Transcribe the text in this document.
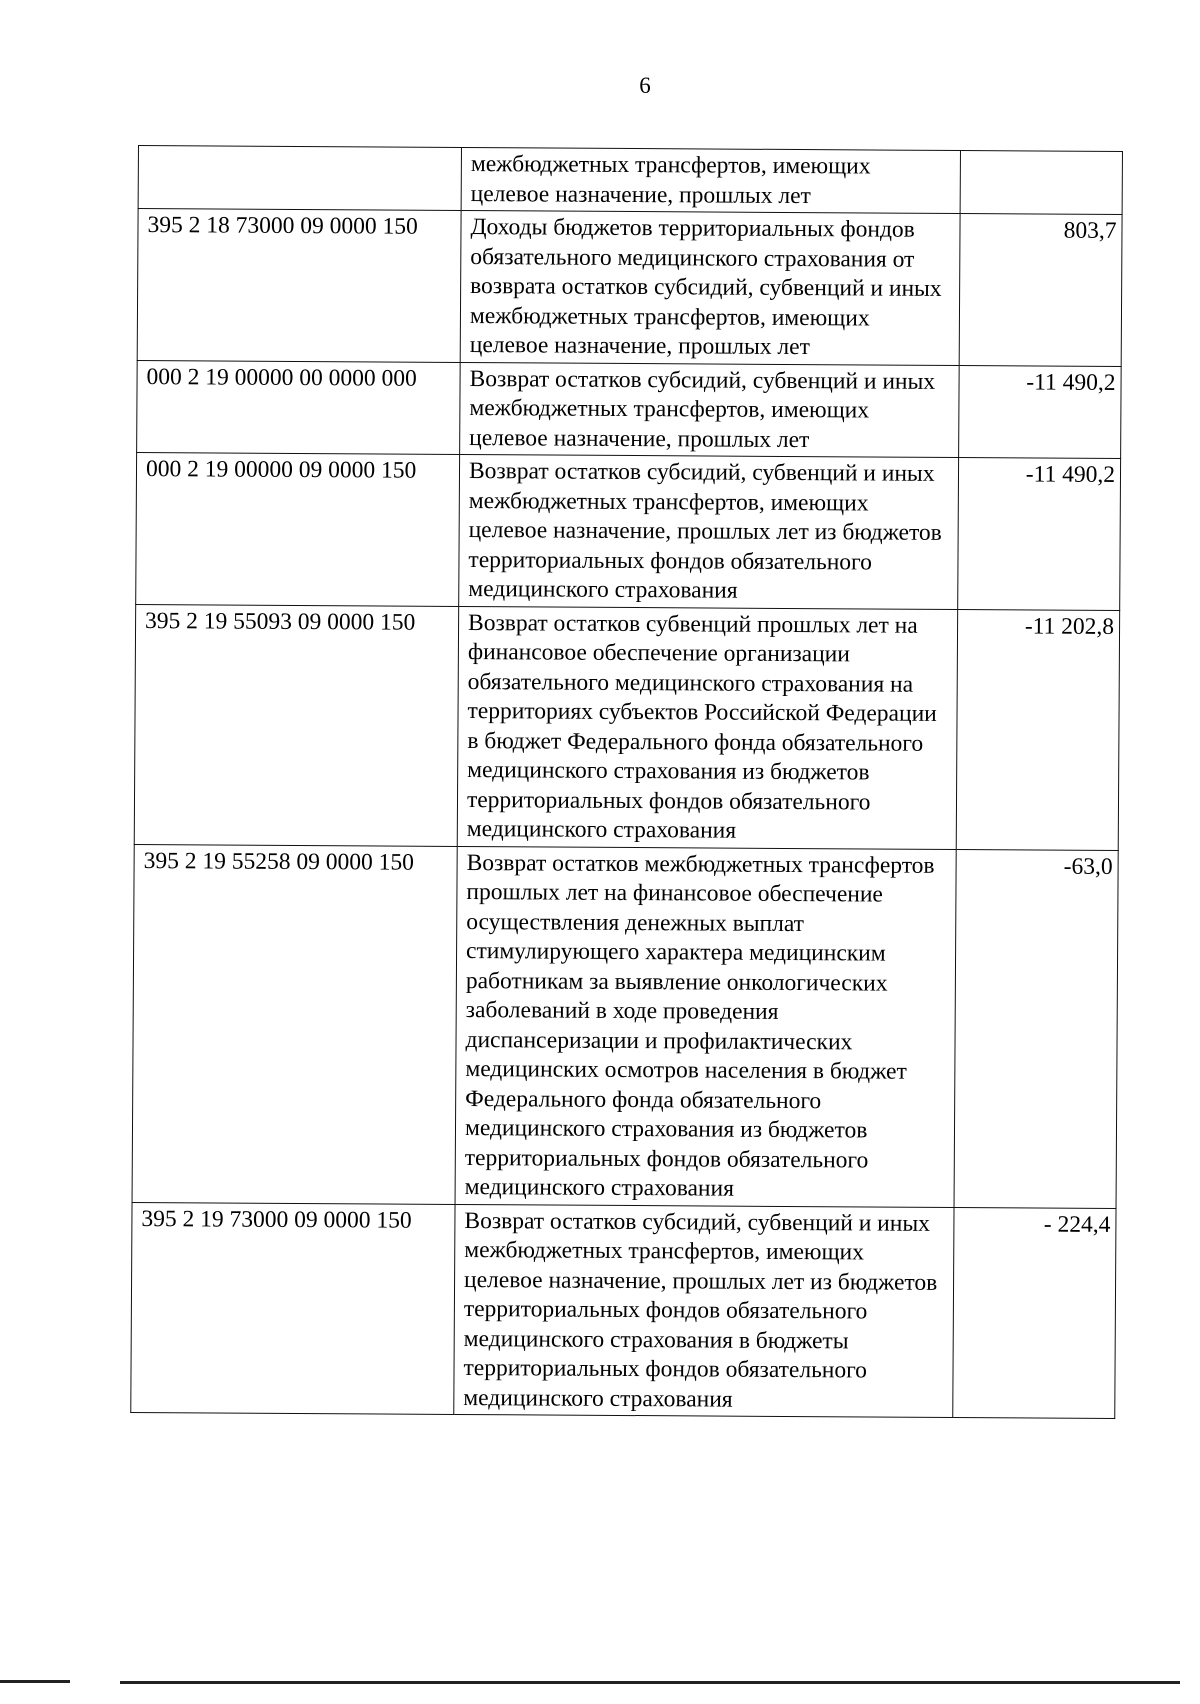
6
	межбюджетных трансфертов, имеющих целевое назначение, прошлых лет	
395 2 18 73000 09 0000 150	Доходы бюджетов территориальных фондов обязательного медицинского страхования от возврата остатков субсидий, субвенций и иных межбюджетных трансфертов, имеющих целевое назначение, прошлых лет	803,7
000 2 19 00000 00 0000 000	Возврат остатков субсидий, субвенций и иных межбюджетных трансфертов, имеющих целевое назначение, прошлых лет	-11 490,2
000 2 19 00000 09 0000 150	Возврат остатков субсидий, субвенций и иных межбюджетных трансфертов, имеющих целевое назначение, прошлых лет из бюджетов территориальных фондов обязательного медицинского страхования	-11 490,2
395 2 19 55093 09 0000 150	Возврат остатков субвенций прошлых лет на финансовое обеспечение организации обязательного медицинского страхования на территориях субъектов Российской Федерации в бюджет Федерального фонда обязательного медицинского страхования из бюджетов территориальных фондов обязательного медицинского страхования	-11 202,8
395 2 19 55258 09 0000 150	Возврат остатков межбюджетных трансфертов прошлых лет на финансовое обеспечение осуществления денежных выплат стимулирующего характера медицинским работникам за выявление онкологических заболеваний в ходе проведения диспансеризации и профилактических медицинских осмотров населения в бюджет Федерального фонда обязательного медицинского страхования из бюджетов территориальных фондов обязательного медицинского страхования	-63,0
395 2 19 73000 09 0000 150	Возврат остатков субсидий, субвенций и иных межбюджетных трансфертов, имеющих целевое назначение, прошлых лет из бюджетов территориальных фондов обязательного медицинского страхования в бюджеты территориальных фондов обязательного медицинского страхования	- 224,4
